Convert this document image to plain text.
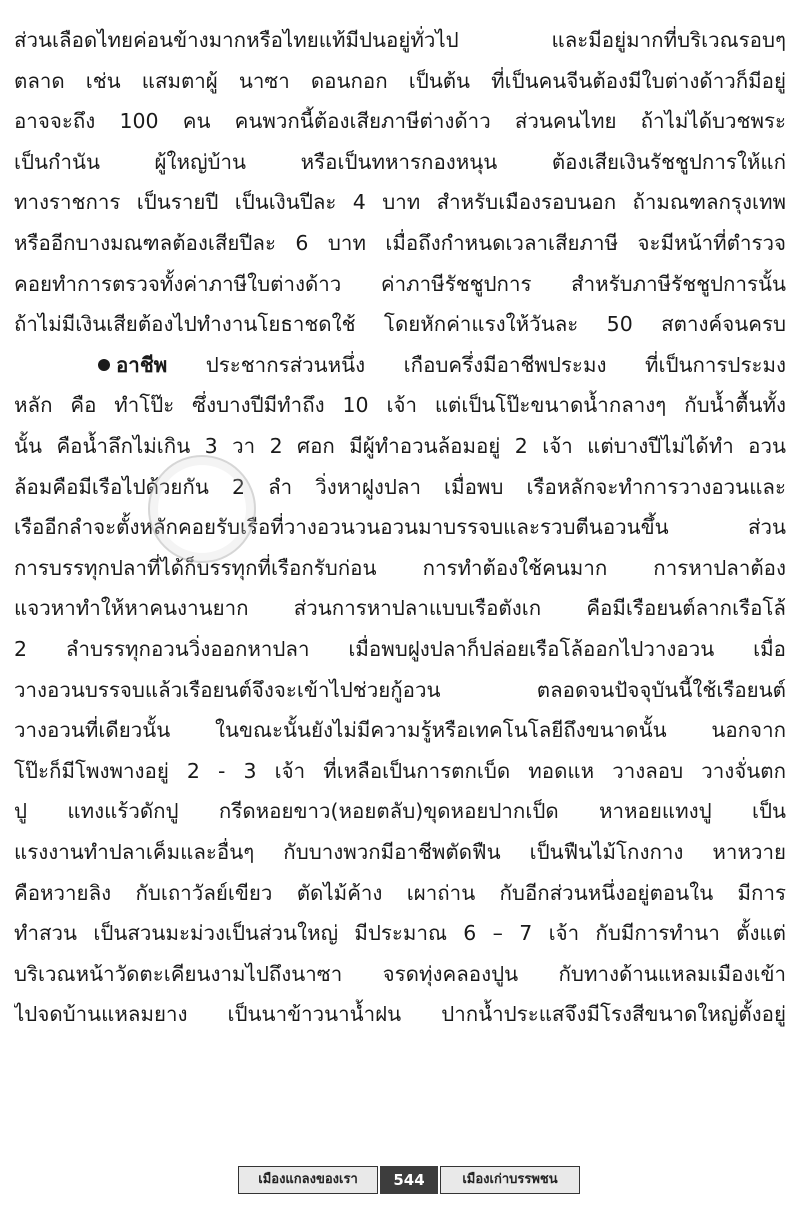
ส่วนเลือดไทยค่อนข้างมากหรือไทยแท้มีปนอยู่ทั่วไป และมีอยู่มากที่บริเวณรอบๆ
ตลาด เช่น แสมตาผู้ นาซา ดอนกอก เป็นต้น ที่เป็นคนจีนต้องมีใบต่างด้าวก็มีอยู่
อาจจะถึง 100 คน คนพวกนี้ต้องเสียภาษีต่างด้าว ส่วนคนไทย ถ้าไม่ได้บวชพระ
เป็นกำนัน ผู้ใหญ่บ้าน หรือเป็นทหารกองหนุน ต้องเสียเงินรัชชูปการให้แก่
ทางราชการ เป็นรายปี เป็นเงินปีละ 4 บาท สำหรับเมืองรอบนอก ถ้ามณฑลกรุงเทพ
หรืออีกบางมณฑลต้องเสียปีละ 6 บาท เมื่อถึงกำหนดเวลาเสียภาษี จะมีหน้าที่ตำรวจ
คอยทำการตรวจทั้งค่าภาษีใบต่างด้าว ค่าภาษีรัชชูปการ สำหรับภาษีรัชชูปการนั้น
ถ้าไม่มีเงินเสียต้องไปทำงานโยธาชดใช้ โดยหักค่าแรงให้วันละ 50 สตางค์จนครบ
อาชีพ ประชากรส่วนหนึ่ง เกือบครึ่งมีอาชีพประมง ที่เป็นการประมง
หลัก คือ ทำโป๊ะ ซึ่งบางปีมีทำถึง 10 เจ้า แต่เป็นโป๊ะขนาดน้ำกลางๆ กับน้ำตื้นทั้ง
นั้น คือน้ำลึกไม่เกิน 3 วา 2 ศอก มีผู้ทำอวนล้อมอยู่ 2 เจ้า แต่บางปีไม่ได้ทำ อวน
ล้อมคือมีเรือไปด้วยกัน 2 ลำ วิ่งหาฝูงปลา เมื่อพบ เรือหลักจะทำการวางอวนและ
เรืออีกลำจะตั้งหลักคอยรับเรือที่วางอวนวนอวนมาบรรจบและรวบตีนอวนขึ้น ส่วน
การบรรทุกปลาที่ได้ก็บรรทุกที่เรือกรับก่อน การทำต้องใช้คนมาก การหาปลาต้อง
แจวหาทำให้หาคนงานยาก ส่วนการหาปลาแบบเรือตังเก คือมีเรือยนต์ลากเรือโล้
2 ลำบรรทุกอวนวิ่งออกหาปลา เมื่อพบฝูงปลาก็ปล่อยเรือโล้ออกไปวางอวน เมื่อ
วางอวนบรรจบแล้วเรือยนต์จึงจะเข้าไปช่วยกู้อวน ตลอดจนปัจจุบันนี้ใช้เรือยนต์
วางอวนที่เดียวนั้น ในขณะนั้นยังไม่มีความรู้หรือเทคโนโลยีถึงขนาดนั้น นอกจาก
โป๊ะก็มีโพงพางอยู่ 2 - 3 เจ้า ที่เหลือเป็นการตกเบ็ด ทอดแห วางลอบ วางจั่นตก
ปู แทงแร้วดักปู กรีดหอยขาว(หอยตลับ)ขุดหอยปากเป็ด หาหอยแทงปู เป็น
แรงงานทำปลาเค็มและอื่นๆ กับบางพวกมีอาชีพตัดฟืน เป็นฟืนไม้โกงกาง หาหวาย
คือหวายลิง กับเถาวัลย์เขียว ตัดไม้ค้าง เผาถ่าน กับอีกส่วนหนึ่งอยู่ตอนใน มีการ
ทำสวน เป็นสวนมะม่วงเป็นส่วนใหญ่ มีประมาณ 6 – 7 เจ้า กับมีการทำนา ตั้งแต่
บริเวณหน้าวัดตะเคียนงามไปถึงนาซา จรดทุ่งคลองปูน กับทางด้านแหลมเมืองเข้า
ไปจดบ้านแหลมยาง เป็นนาข้าวนาน้ำฝน ปากน้ำประแสจึงมีโรงสีขนาดใหญ่ตั้งอยู่
เมืองแกลงของเรา	544	เมืองเก่าบรรพชน
